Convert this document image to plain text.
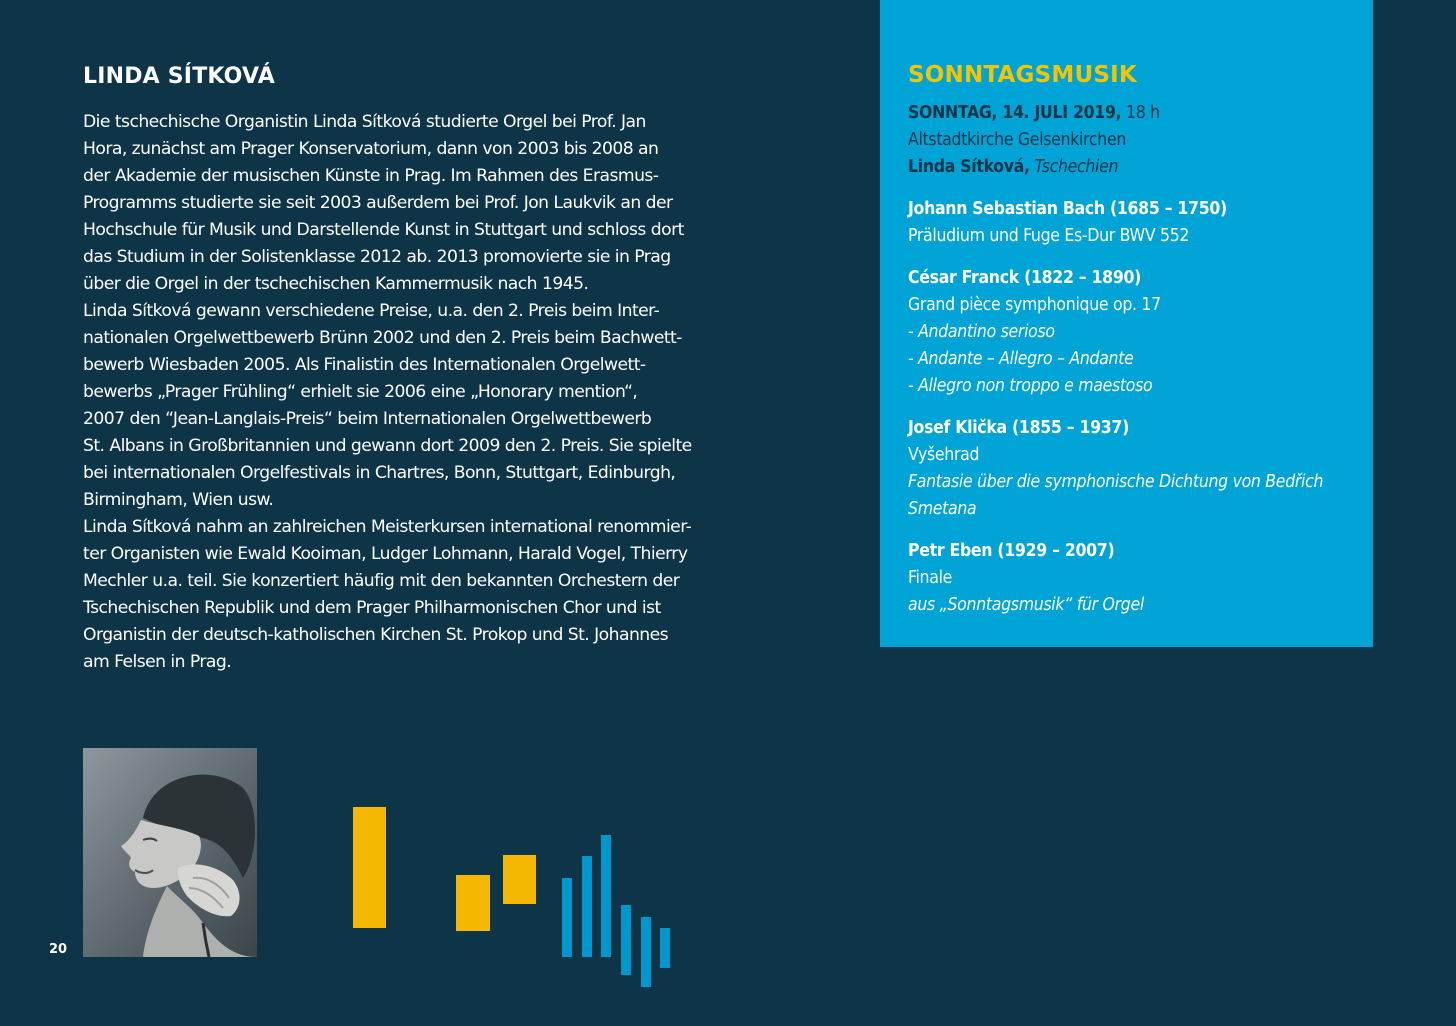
LINDA SÍTKOVÁ

Die tschechische Organistin Linda Sítková studierte Orgel bei Prof. Jan
Hora, zunächst am Prager Konservatorium, dann von 2003 bis 2008 an
der Akademie der musischen Künste in Prag. Im Rahmen des Erasmus-
Programms studierte sie seit 2003 außerdem bei Prof. Jon Laukvik an der
Hochschule für Musik und Darstellende Kunst in Stuttgart und schloss dort
das Studium in der Solistenklasse 2012 ab. 2013 promovierte sie in Prag
über die Orgel in der tschechischen Kammermusik nach 1945.

Linda Sítková gewann verschiedene Preise, u.a. den 2. Preis beim Inter-
nationalen Orgelwettbewerb Brünn 2002 und den 2. Preis beim Bachwett-
bewerb Wiesbaden 2005. Als Finalistin des Internationalen Orgelwett-
bewerbs „Prager Frühling“ erhielt sie 2006 eine „Honorary mention“,
2007 den “Jean-Langlais-Preis“ beim Internationalen Orgelwettbewerb
St. Albans in Großbritannien und gewann dort 2009 den 2. Preis. Sie spielte
bei internationalen Orgelfestivals in Chartres, Bonn, Stuttgart, Edinburgh,
Birmingham, Wien usw.

Linda Sítková nahm an zahlreichen Meisterkursen international renommier-
ter Organisten wie Ewald Kooiman, Ludger Lohmann, Harald Vogel, Thierry
Mechler u.a. teil. Sie konzertiert häufig mit den bekannten Orchestern der
Tschechischen Republik und dem Prager Philharmonischen Chor und ist
Organistin der deutsch-katholischen Kirchen St. Prokop und St. Johannes
am Felsen in Prag.

SONNTAGSMUSIK
SONNTAG, 14. JULI 2019, 18 h
Altstadtkirche Gelsenkirchen
Linda Sítková, Tschechien
Johann Sebastian Bach (1685 – 1750)
Präludium und Fuge Es-Dur BWV 552
César Franck (1822 – 1890)
Grand pièce symphonique op. 17
- Andantino serioso
- Andante – Allegro – Andante
- Allegro non troppo e maestoso
Josef Klička (1855 – 1937)
Vyšehrad
Fantasie über die symphonische Dichtung von Bedřich
Smetana
Petr Eben (1929 – 2007)
Finale
aus „Sonntagsmusik“ für Orgel
20
